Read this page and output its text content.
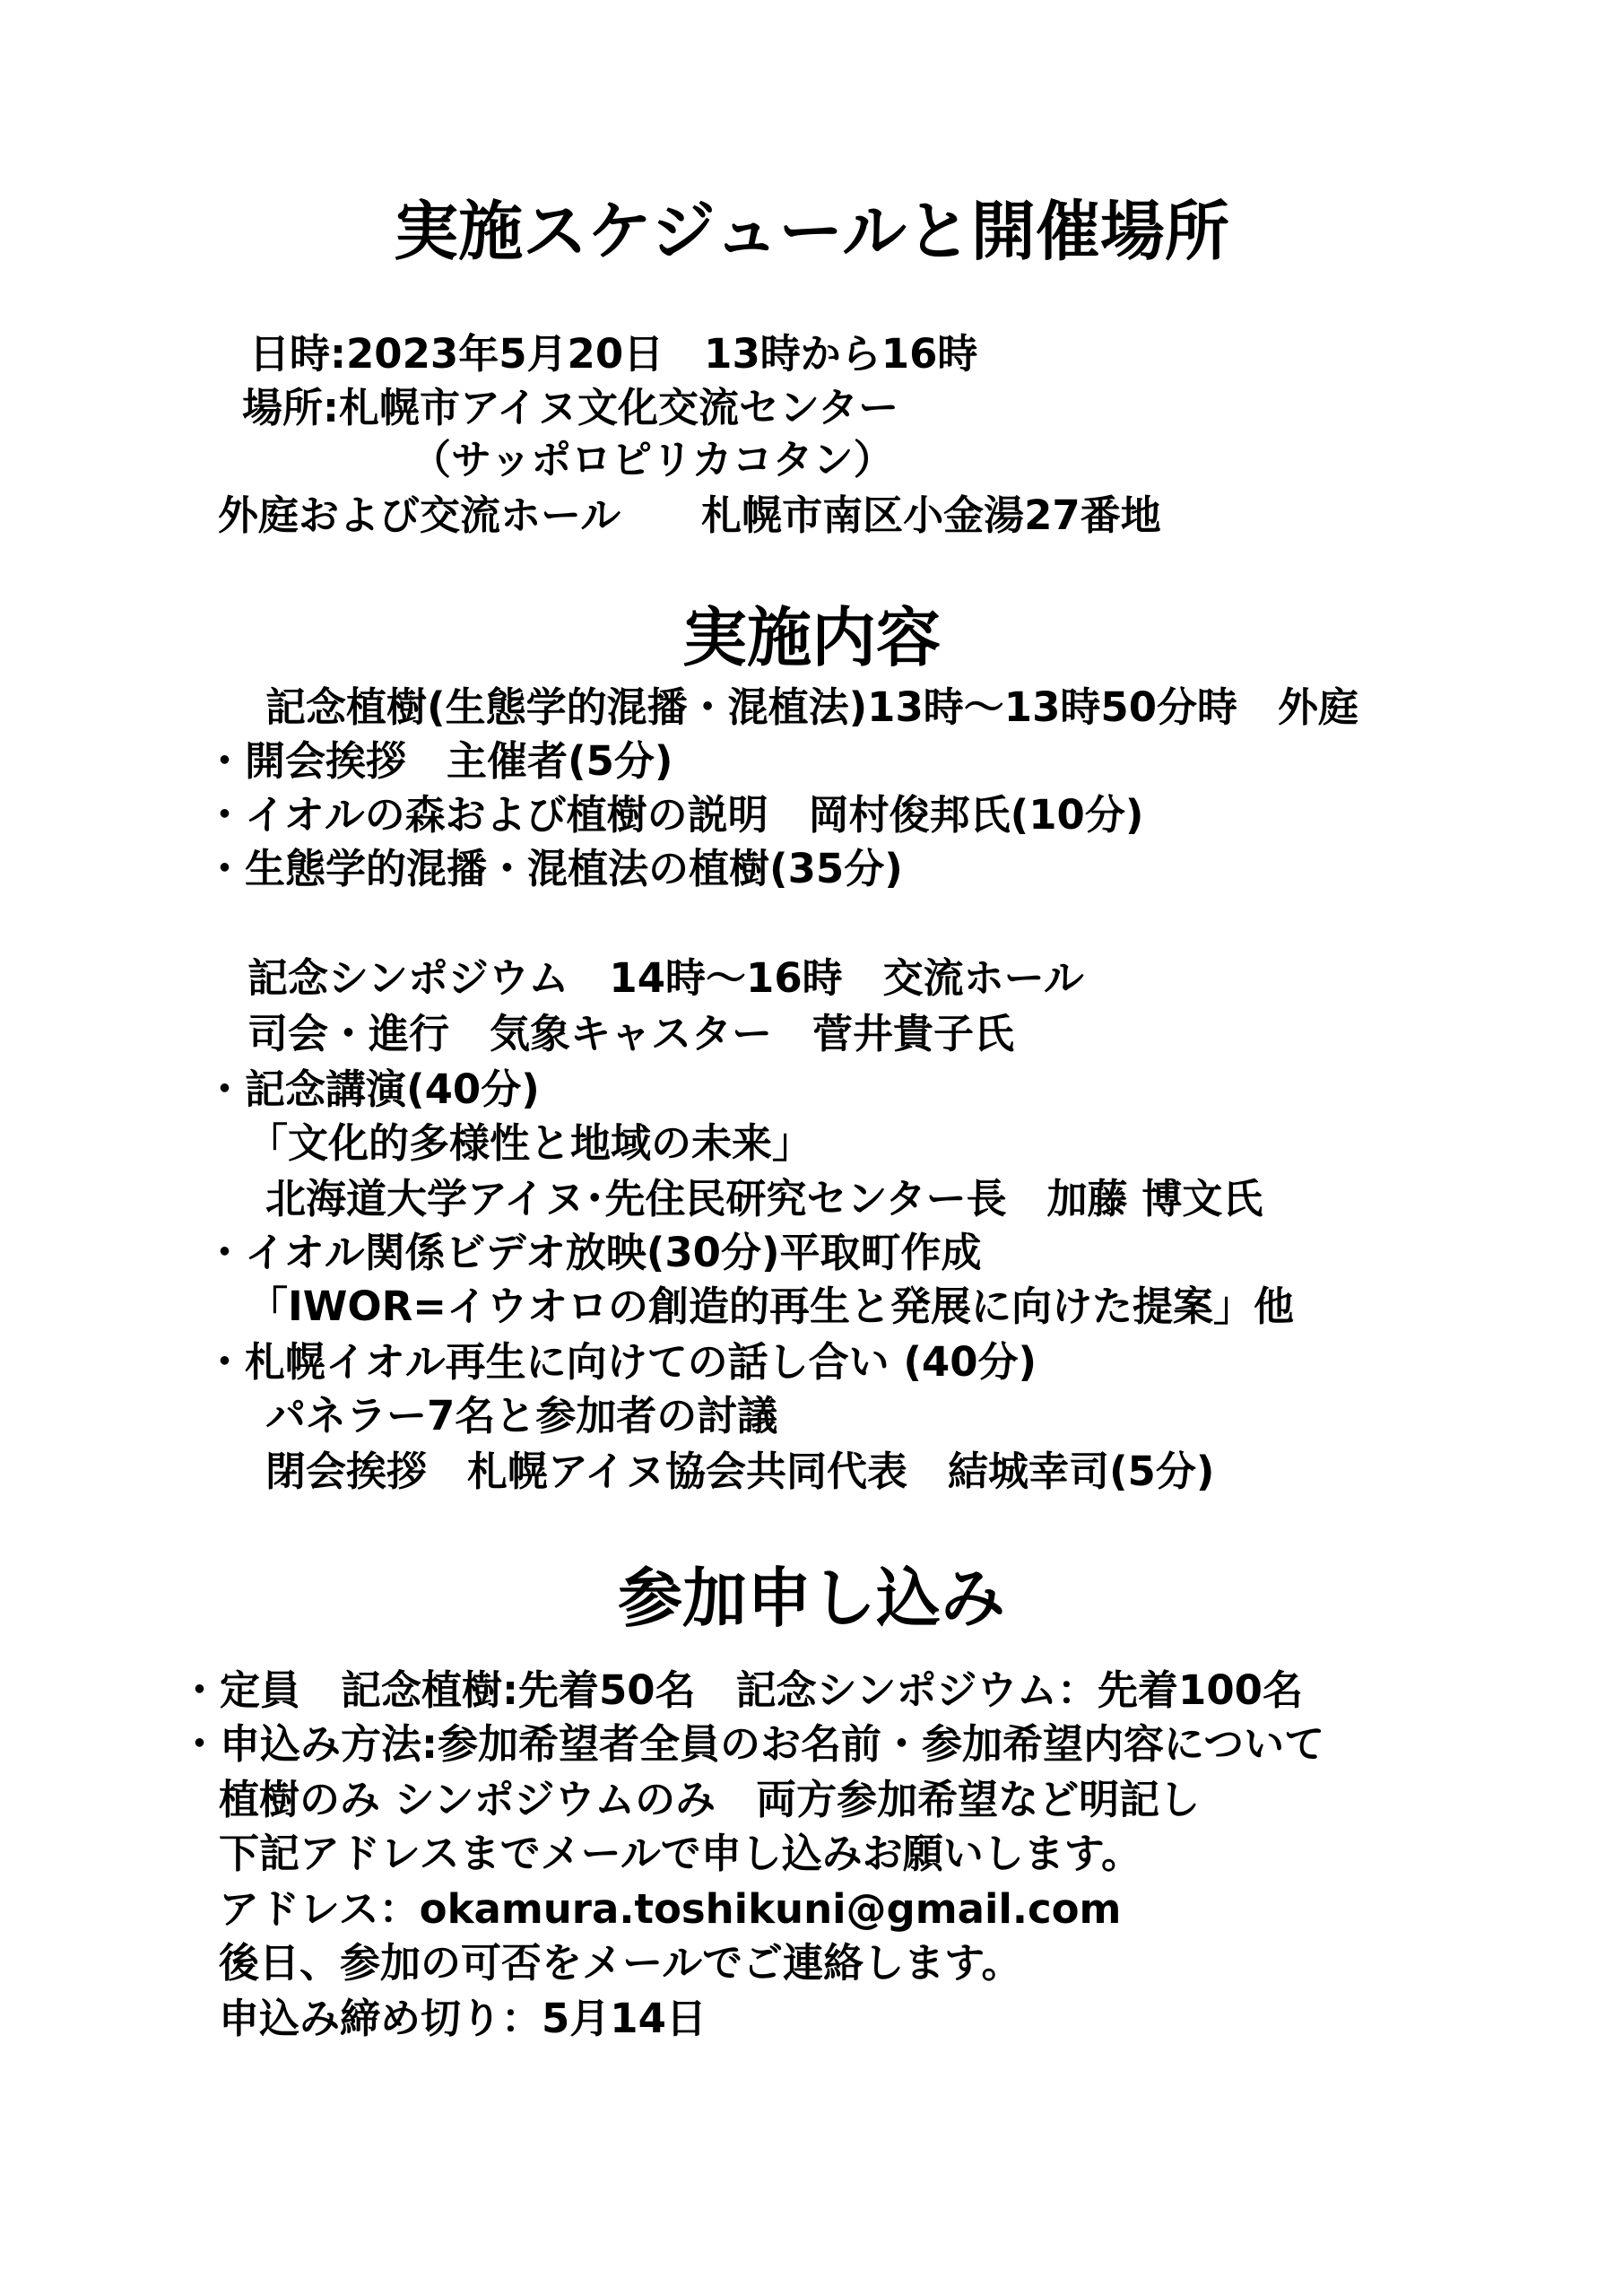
実施スケジュールと開催場所

日時:2023年5月20日　13時から16時

場所:札幌市アイヌ文化交流センター

（サッポロピリカコタン）

外庭および交流ホール　　札幌市南区小金湯27番地

実施内容

記念植樹(生態学的混播・混植法)13時～13時50分時　外庭

・開会挨拶　主催者(5分)

・イオルの森および植樹の説明　岡村俊邦氏(10分)

・生態学的混播・混植法の植樹(35分)

記念シンポジウム　14時～16時　交流ホール

司会・進行　気象キャスター　菅井貴子氏

・記念講演(40分)

「文化的多様性と地域の未来」

北海道大学アイヌ･先住民研究センター長　加藤 博文氏

・イオル関係ビデオ放映(30分)平取町作成

「IWOR=イウオロの創造的再生と発展に向けた提案」他

・札幌イオル再生に向けての話し合い (40分)

パネラー7名と参加者の討議

閉会挨拶　札幌アイヌ協会共同代表　結城幸司(5分)

参加申し込み

・定員　記念植樹:先着50名　記念シンポジウム：先着100名

・申込み方法:参加希望者全員のお名前・参加希望内容について

植樹のみ シンポジウムのみ　両方参加希望など明記し

下記アドレスまでメールで申し込みお願いします。

アドレス：okamura.toshikuni@gmail.com

後日、参加の可否をメールでご連絡します。

申込み締め切り：5月14日
